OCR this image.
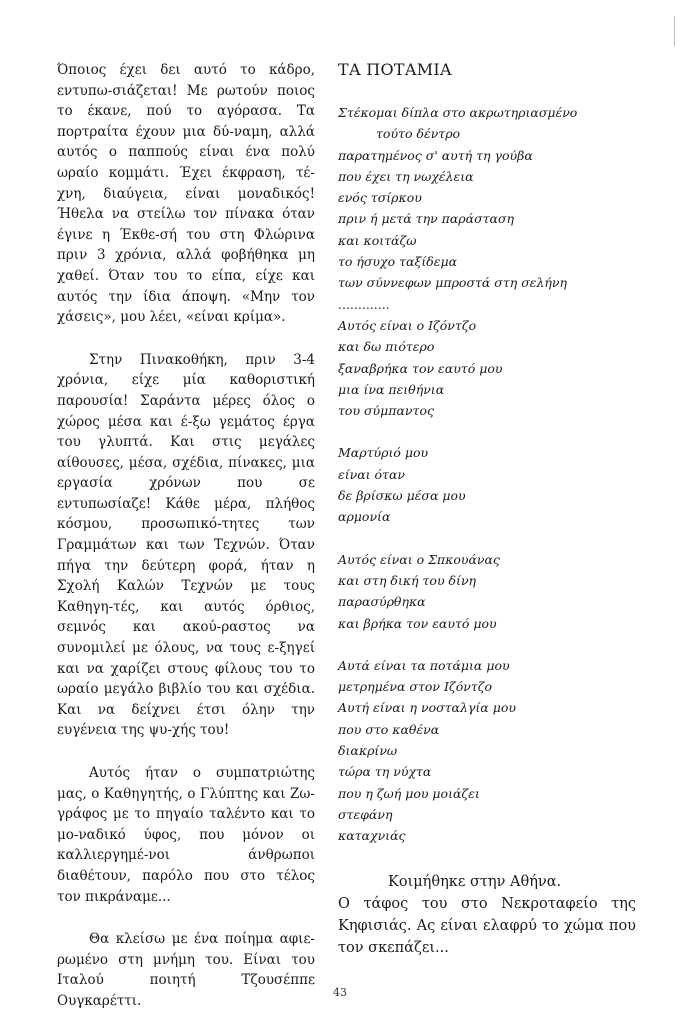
Όποιος έχει δει αυτό το κάδρο, εντυπω-σιάζεται! Με ρωτούν ποιος το έκανε, πού το αγόρασα. Τα πορτραίτα έχουν μια δύ-ναμη, αλλά αυτός ο παππούς είναι ένα πολύ ωραίο κομμάτι. Έχει έκφραση, τέ-χνη, διαύγεια, είναι μοναδικός! Ήθελα να στείλω τον πίνακα όταν έγινε η Έκθε-σή του στη Φλώρινα πριν 3 χρόνια, αλλά φοβήθηκα μη χαθεί. Όταν του το είπα, είχε και αυτός την ίδια άποψη. «Μην τον χάσεις», μου λέει, «είναι κρίμα».

Στην Πινακοθήκη, πριν 3-4 χρόνια, είχε μία καθοριστική παρουσία! Σαράντα μέρες όλος ο χώρος μέσα και έ-ξω γεμάτος έργα του γλυπτά. Και στις μεγάλες αίθουσες, μέσα, σχέδια, πίνακες, μια εργασία χρόνων που σε εντυπωσίαζε! Κάθε μέρα, πλήθος κόσμου, προσωπικό-τητες των Γραμμάτων και των Τεχνών. Όταν πήγα την δεύτερη φορά, ήταν η Σχολή Καλών Τεχνών με τους Καθηγη-τές, και αυτός όρθιος, σεμνός και ακού-ραστος να συνομιλεί με όλους, να τους ε-ξηγεί και να χαρίζει στους φίλους του το ωραίο μεγάλο βιβλίο του και σχέδια. Και να δείχνει έτσι όλην την ευγένεια της ψυ-χής του!

Αυτός ήταν ο συμπατριώτης μας, ο Καθηγητής, ο Γλύπτης και Ζω-γράφος με το πηγαίο ταλέντο και το μο-ναδικό ύφος, που μόνον οι καλλιεργημέ-νοι άνθρωποι διαθέτουν, παρόλο που στο τέλος τον πικράναμε...

Θα κλείσω με ένα ποίημα αφιε-ρωμένο στη μνήμη του. Είναι του Ιταλού ποιητή Τζουσέππε Ουγκαρέττι.

ΤΑ ΠΟΤΑΜΙΑ

Στέκομαι δίπλα στο ακρωτηριασμένο
τούτο δέντρο
παρατημένος σ' αυτή τη γούβα
που έχει τη νωχέλεια
ενός τσίρκου
πριν ή μετά την παράσταση
και κοιτάζω
το ήσυχο ταξίδεμα
των σύννεφων μπροστά στη σελήνη
.............
Αυτός είναι ο Ιζόντζο
και δω πιότερο
ξαναβρήκα τον εαυτό μου
μια ίνα πειθήνια
του σύμπαντος
Μαρτύριό μου
είναι όταν
δε βρίσκω μέσα μου
αρμονία
Αυτός είναι ο Σπκουάνας
και στη δική του δίνη
παρασύρθηκα
και βρήκα τον εαυτό μου
Αυτά είναι τα ποτάμια μου
μετρημένα στον Ιζόντζο
Αυτή είναι η νοσταλγία μου
που στο καθένα
διακρίνω
τώρα τη νύχτα
που η ζωή μου μοιάζει
στεφάνη
καταχνιάς

Κοιμήθηκε στην Αθήνα.

Ο τάφος του στο Νεκροταφείο της Κηφισιάς. Ας είναι ελαφρύ το χώμα που τον σκεπάζει...

43
